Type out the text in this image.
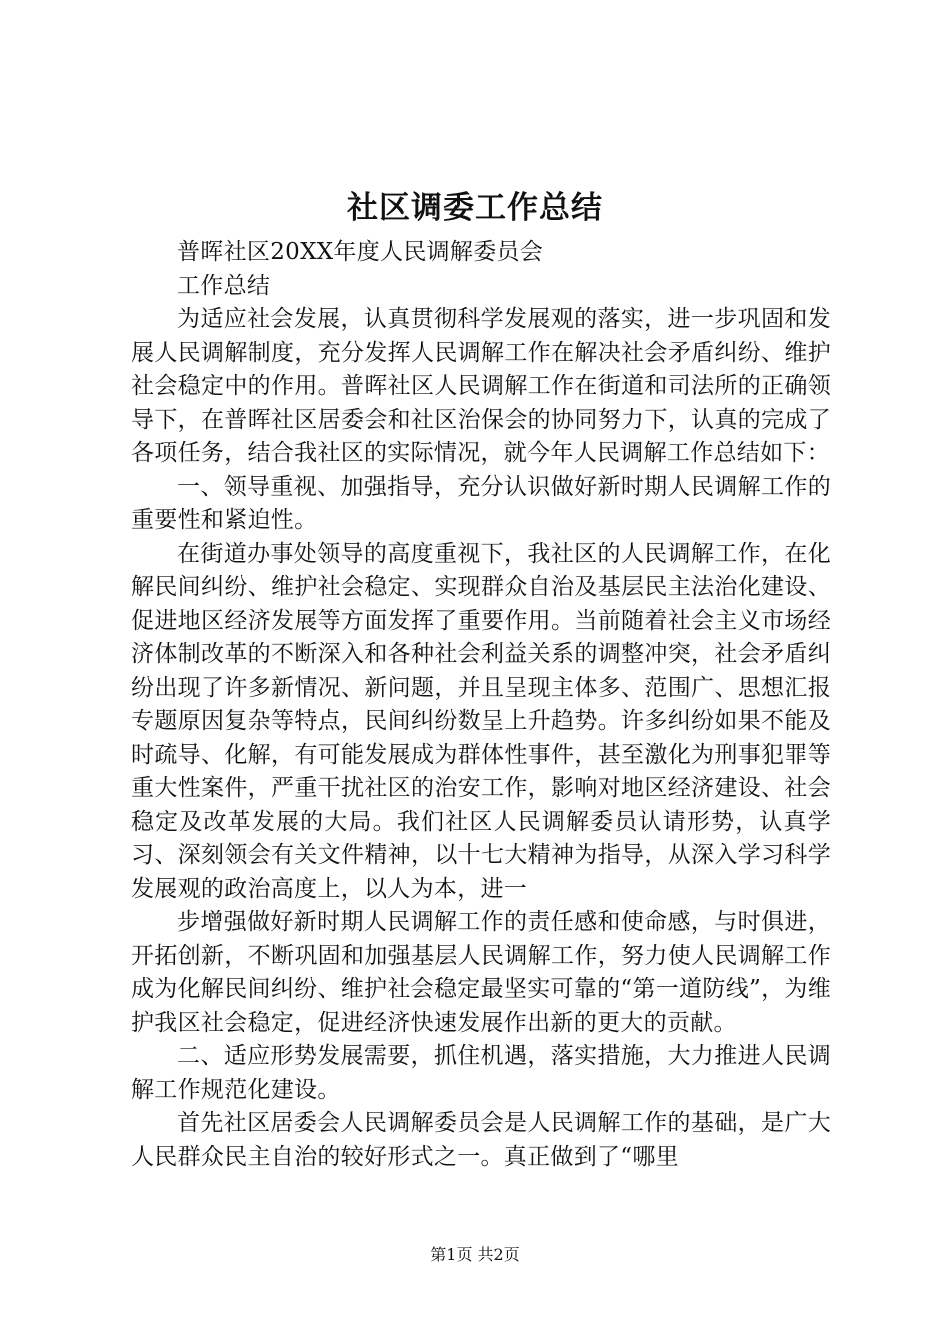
社区调委工作总结

普晖社区20XX年度人民调解委员会

工作总结

为适应社会发展，认真贯彻科学发展观的落实，进一步巩固和发展人民调解制度，充分发挥人民调解工作在解决社会矛盾纠纷、维护社会稳定中的作用。普晖社区人民调解工作在街道和司法所的正确领导下，在普晖社区居委会和社区治保会的协同努力下，认真的完成了各项任务，结合我社区的实际情况，就今年人民调解工作总结如下：

一、领导重视、加强指导，充分认识做好新时期人民调解工作的重要性和紧迫性。

在街道办事处领导的高度重视下，我社区的人民调解工作，在化解民间纠纷、维护社会稳定、实现群众自治及基层民主法治化建设、促进地区经济发展等方面发挥了重要作用。当前随着社会主义市场经济体制改革的不断深入和各种社会利益关系的调整冲突，社会矛盾纠纷出现了许多新情况、新问题，并且呈现主体多、范围广、思想汇报专题原因复杂等特点，民间纠纷数呈上升趋势。许多纠纷如果不能及时疏导、化解，有可能发展成为群体性事件，甚至激化为刑事犯罪等重大性案件，严重干扰社区的治安工作，影响对地区经济建设、社会稳定及改革发展的大局。我们社区人民调解委员认请形势，认真学习、深刻领会有关文件精神，以十七大精神为指导，从深入学习科学发展观的政治高度上，以人为本，进一

步增强做好新时期人民调解工作的责任感和使命感，与时俱进，开拓创新，不断巩固和加强基层人民调解工作，努力使人民调解工作成为化解民间纠纷、维护社会稳定最坚实可靠的“第一道防线”，为维护我区社会稳定，促进经济快速发展作出新的更大的贡献。

二、适应形势发展需要，抓住机遇，落实措施，大力推进人民调解工作规范化建设。

首先社区居委会人民调解委员会是人民调解工作的基础，是广大人民群众民主自治的较好形式之一。真正做到了“哪里

第1页 共2页
